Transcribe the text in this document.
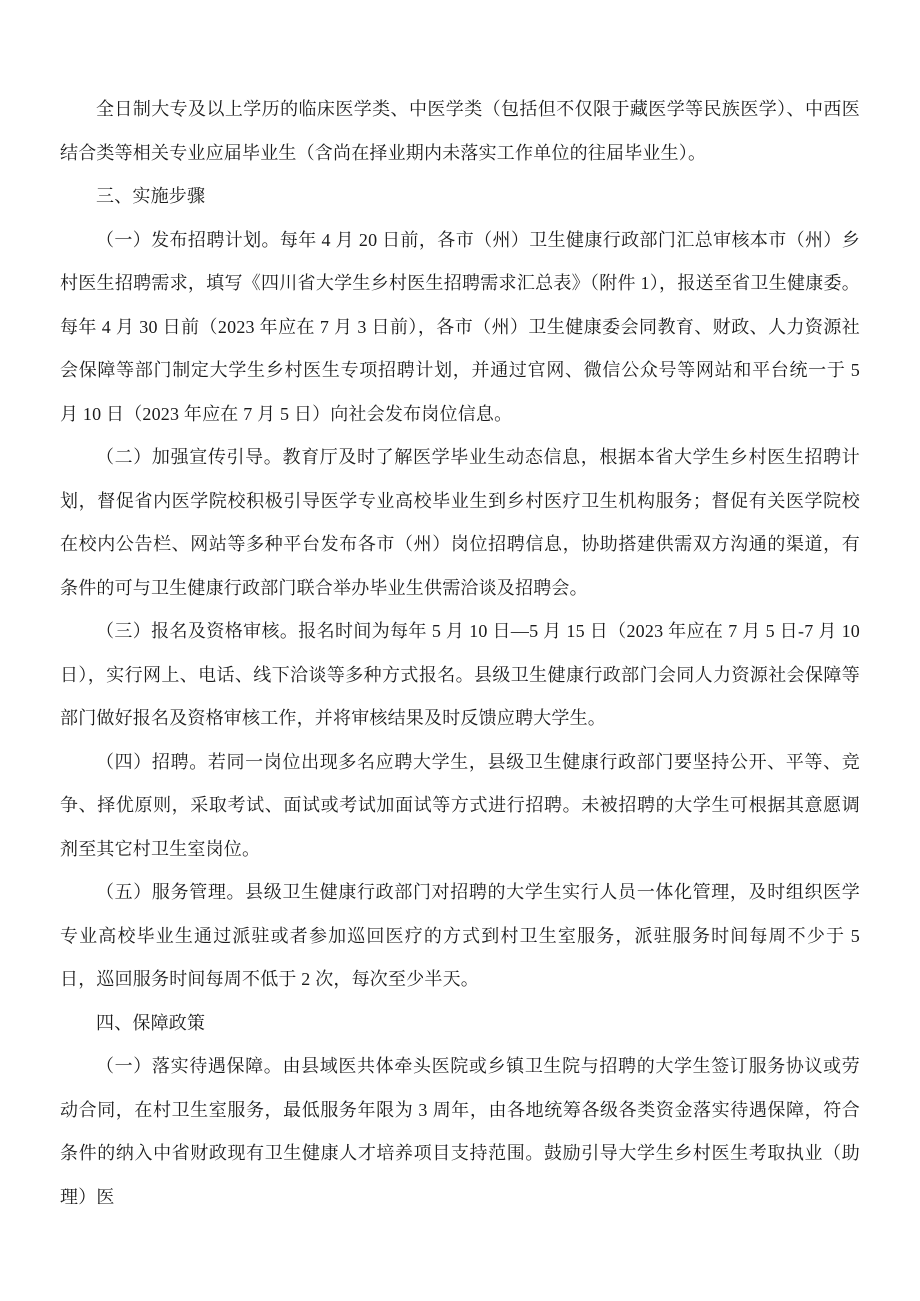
全日制大专及以上学历的临床医学类、中医学类（包括但不仅限于藏医学等民族医学）、中西医结合类等相关专业应届毕业生（含尚在择业期内未落实工作单位的往届毕业生）。

三、实施步骤

（一）发布招聘计划。每年 4 月 20 日前，各市（州）卫生健康行政部门汇总审核本市（州）乡村医生招聘需求，填写《四川省大学生乡村医生招聘需求汇总表》（附件 1），报送至省卫生健康委。每年 4 月 30 日前（2023 年应在 7 月 3 日前），各市（州）卫生健康委会同教育、财政、人力资源社会保障等部门制定大学生乡村医生专项招聘计划，并通过官网、微信公众号等网站和平台统一于 5 月 10 日（2023 年应在 7 月 5 日）向社会发布岗位信息。

（二）加强宣传引导。教育厅及时了解医学毕业生动态信息，根据本省大学生乡村医生招聘计划，督促省内医学院校积极引导医学专业高校毕业生到乡村医疗卫生机构服务；督促有关医学院校在校内公告栏、网站等多种平台发布各市（州）岗位招聘信息，协助搭建供需双方沟通的渠道，有条件的可与卫生健康行政部门联合举办毕业生供需洽谈及招聘会。

（三）报名及资格审核。报名时间为每年 5 月 10 日—5 月 15 日（2023 年应在 7 月 5 日-7 月 10 日），实行网上、电话、线下洽谈等多种方式报名。县级卫生健康行政部门会同人力资源社会保障等部门做好报名及资格审核工作，并将审核结果及时反馈应聘大学生。

（四）招聘。若同一岗位出现多名应聘大学生，县级卫生健康行政部门要坚持公开、平等、竞争、择优原则，采取考试、面试或考试加面试等方式进行招聘。未被招聘的大学生可根据其意愿调剂至其它村卫生室岗位。

（五）服务管理。县级卫生健康行政部门对招聘的大学生实行人员一体化管理，及时组织医学专业高校毕业生通过派驻或者参加巡回医疗的方式到村卫生室服务，派驻服务时间每周不少于 5 日，巡回服务时间每周不低于 2 次，每次至少半天。

四、保障政策

（一）落实待遇保障。由县域医共体牵头医院或乡镇卫生院与招聘的大学生签订服务协议或劳动合同，在村卫生室服务，最低服务年限为 3 周年，由各地统筹各级各类资金落实待遇保障，符合条件的纳入中省财政现有卫生健康人才培养项目支持范围。鼓励引导大学生乡村医生考取执业（助理）医
